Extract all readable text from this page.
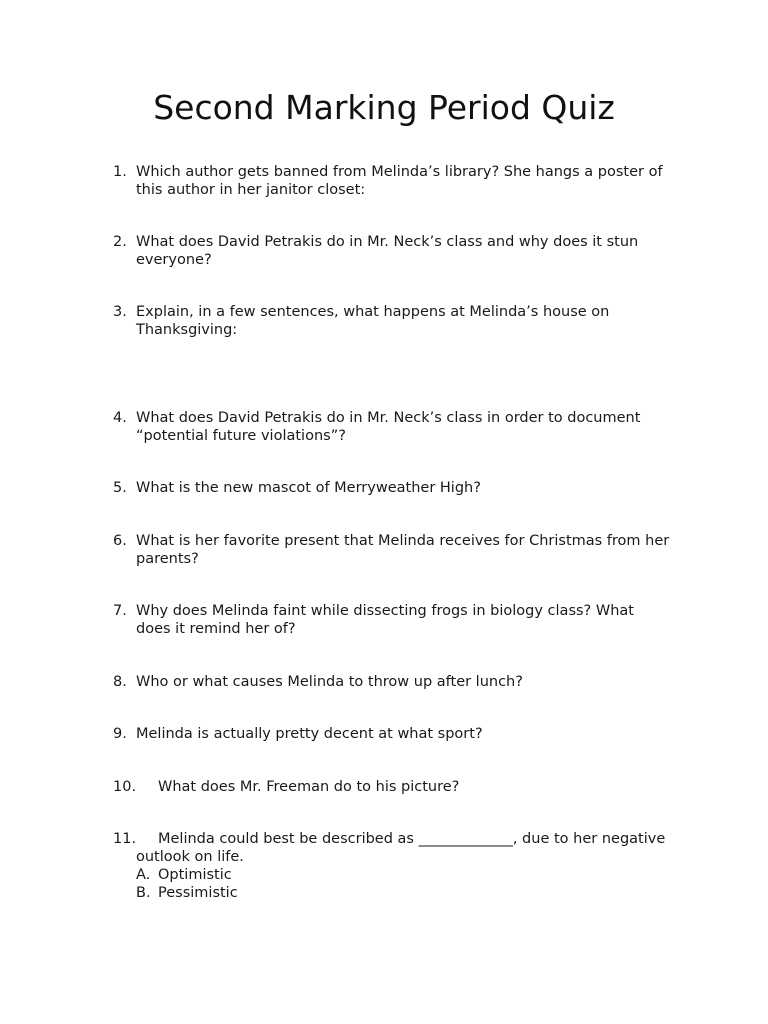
Second Marking Period Quiz
1. Which author gets banned from Melinda’s library? She hangs a poster of this author in her janitor closet:
2. What does David Petrakis do in Mr. Neck’s class and why does it stun everyone?
3. Explain, in a few sentences, what happens at Melinda’s house on Thanksgiving:
4. What does David Petrakis do in Mr. Neck’s class in order to document “potential future violations”?
5. What is the new mascot of Merryweather High?
6. What is her favorite present that Melinda receives for Christmas from her parents?
7. Why does Melinda faint while dissecting frogs in biology class? What does it remind her of?
8. Who or what causes Melinda to throw up after lunch?
9. Melinda is actually pretty decent at what sport?
10.	What does Mr. Freeman do to his picture?
11.	Melinda could best be described as _____________, due to her negative outlook on life.
A. Optimistic
B. Pessimistic
